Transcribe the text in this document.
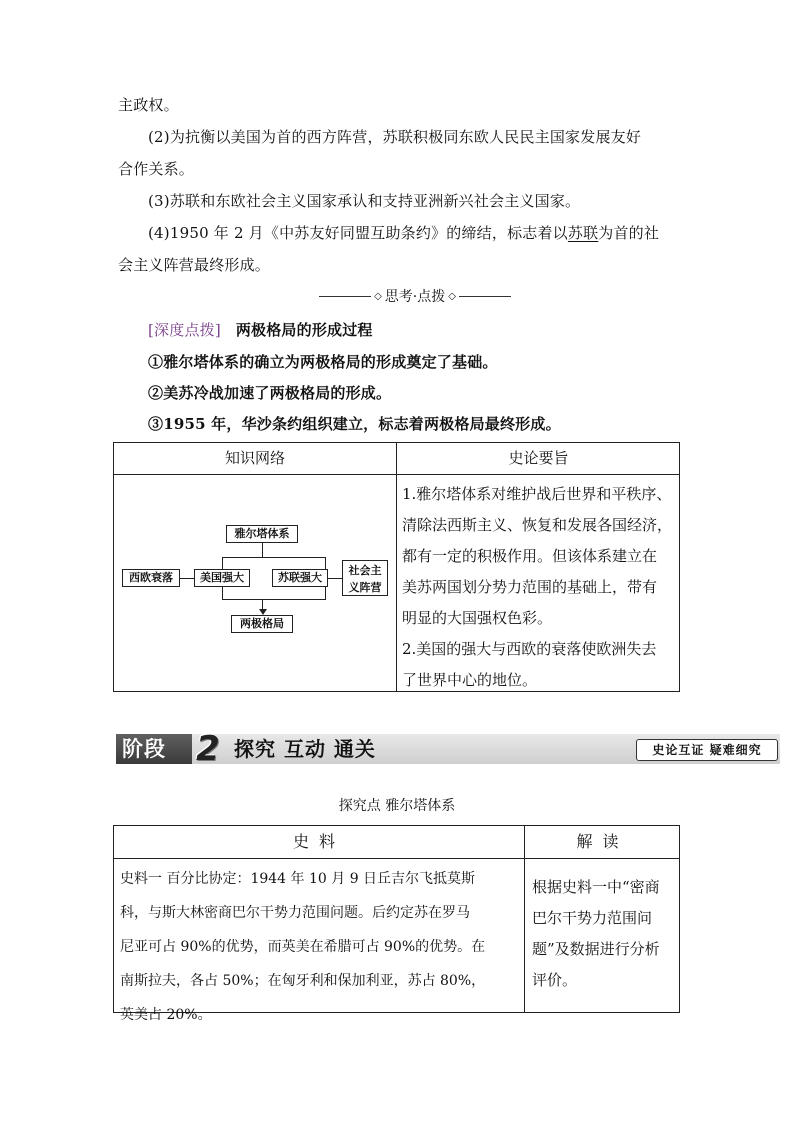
主政权。
(2)为抗衡以美国为首的西方阵营，苏联积极同东欧人民民主国家发展友好
合作关系。
(3)苏联和东欧社会主义国家承认和支持亚洲新兴社会主义国家。
(4)1950 年 2 月《中苏友好同盟互助条约》的缔结，标志着以苏联为首的社
会主义阵营最终形成。
◇ 思考·点拨 ◇
[深度点拨] 两极格局的形成过程
①雅尔塔体系的确立为两极格局的形成奠定了基础。
②美苏冷战加速了两极格局的形成。
③1955 年，华沙条约组织建立，标志着两极格局最终形成。
知识网络	史论要旨
雅尔塔体系
西欧衰落	美国强大	苏联强大
社会主
义阵营
两极格局
1.雅尔塔体系对维护战后世界和平秩序、
清除法西斯主义、恢复和发展各国经济，
都有一定的积极作用。但该体系建立在
美苏两国划分势力范围的基础上，带有
明显的大国强权色彩。
2.美国的强大与西欧的衰落使欧洲失去
了世界中心的地位。
阶段 2 探究 互动 通关	史论互证 疑难细究
探究点 雅尔塔体系
史料	解读
史料一 百分比协定：1944 年 10 月 9 日丘吉尔飞抵莫斯
科，与斯大林密商巴尔干势力范围问题。后约定苏在罗马
尼亚可占 90%的优势，而英美在希腊可占 90%的优势。在
南斯拉夫，各占 50%；在匈牙利和保加利亚，苏占 80%，
英美占 20%。
根据史料一中“密商
巴尔干势力范围问
题”及数据进行分析
评价。
